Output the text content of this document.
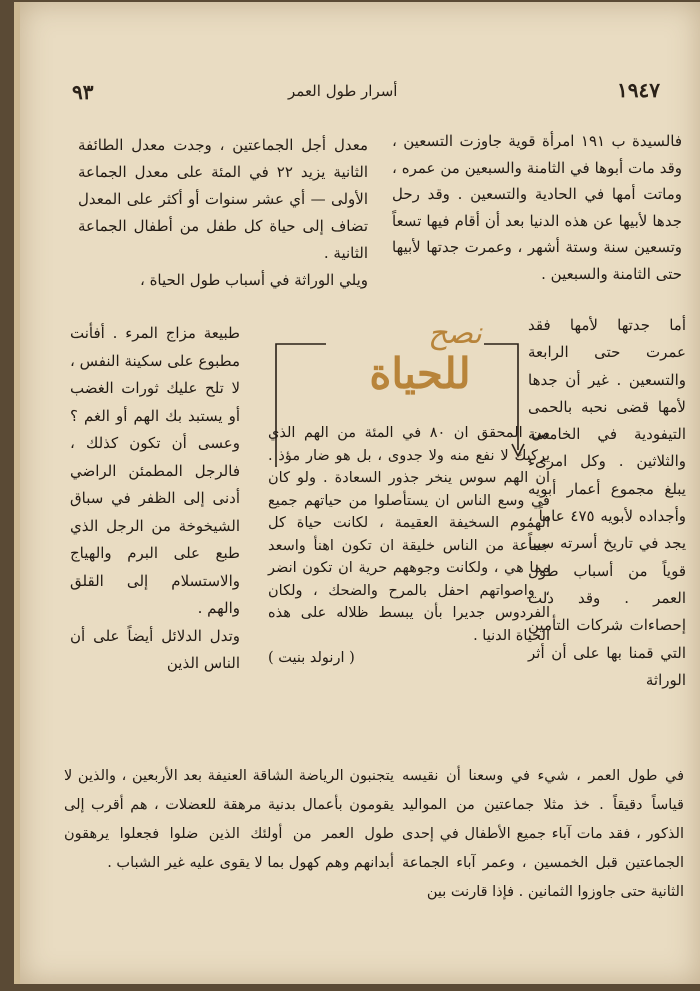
٩٣	أسرار طول العمر	١٩٤٧

فالسيدة ب ١٩١ امرأة قوية جاوزت التسعين ، وقد مات أبوها في الثامنة والسبعين من عمره ، وماتت أمها في الحادية والتسعين . وقد رحل جدها لأبيها عن هذه الدنيا بعد أن أقام فيها تسعاً وتسعين سنة وستة أشهر ، وعمرت جدتها لأبيها حتى الثامنة والسبعين .

أما جدتها لأمها فقد عمرت حتى الرابعة والتسعين . غير أن جدها لأمها قضى نحبه بالحمى التيفودية في الخامسة والثلاثين . وكل امرىء يبلغ مجموع أعمار أبويه وأجداده لأبويه ٤٧٥ عاماً ، يجد في تاريخ أسرته سبباً قوياً من أسباب طول العمر . وقد دلت إحصاءات شركات التأمين التي قمنا بها على أن أثر الوراثة

في طول العمر ، شيء في وسعنا أن نقيسه قياساً دقيقاً . خذ مثلا جماعتين من المواليد الذكور ، فقد مات آباء جميع الأطفال في إحدى الجماعتين قبل الخمسين ، وعمر آباء الجماعة الثانية حتى جاوزوا الثمانين . فإذا قارنت بين

معدل أجل الجماعتين ، وجدت معدل الطائفة الثانية يزيد ٢٢ في المئة على معدل الجماعة الأولى — أي عشر سنوات أو أكثر على المعدل تضاف إلى حياة كل طفل من أطفال الجماعة الثانية .
ويلي الوراثة في أسباب طول الحياة ،

طبيعة مزاج المرء . أفأنت مطبوع على سكينة النفس ، لا تلح عليك ثورات الغضب أو يستبد بك الهم أو الغم ؟ وعسى أن تكون كذلك ، فالرجل المطمئن الراضي أدنى إلى الظفر في سباق الشيخوخة من الرجل الذي طبع على البرم والهياج والاستسلام إلى القلق والهم .
وتدل الدلائل أيضاً على أن الناس الذين

يتجنبون الرياضة الشاقة العنيفة بعد الأربعين ، والذين لا يقومون بأعمال بدنية مرهقة للعضلات ، هم أقرب إلى طول العمر من أولئك الذين ضلوا فجعلوا يرهقون أبدانهم وهم كهول بما لا يقوى عليه غير الشباب .

نصح
للحياة

من المحقق ان ٨٠ في المئة من الهم الذي يركبك لا نفع منه ولا جدوى ، بل هو ضار مؤذ . ان الهم سوس ينخر جذور السعادة . ولو كان في وسع الناس ان يستأصلوا من حياتهم جميع الهموم السخيفة العقيمة ، لكانت حياة كل جماعة من الناس خليقة ان تكون اهنأ واسعد مما هي ، ولكانت وجوههم حرية ان تكون انضر ، واصواتهم احفل بالمرح والضحك ، ولكان الفردوس جديرا بأن يبسط ظلاله على هذه الحياة الدنيا .

( ارنولد بنيت )
